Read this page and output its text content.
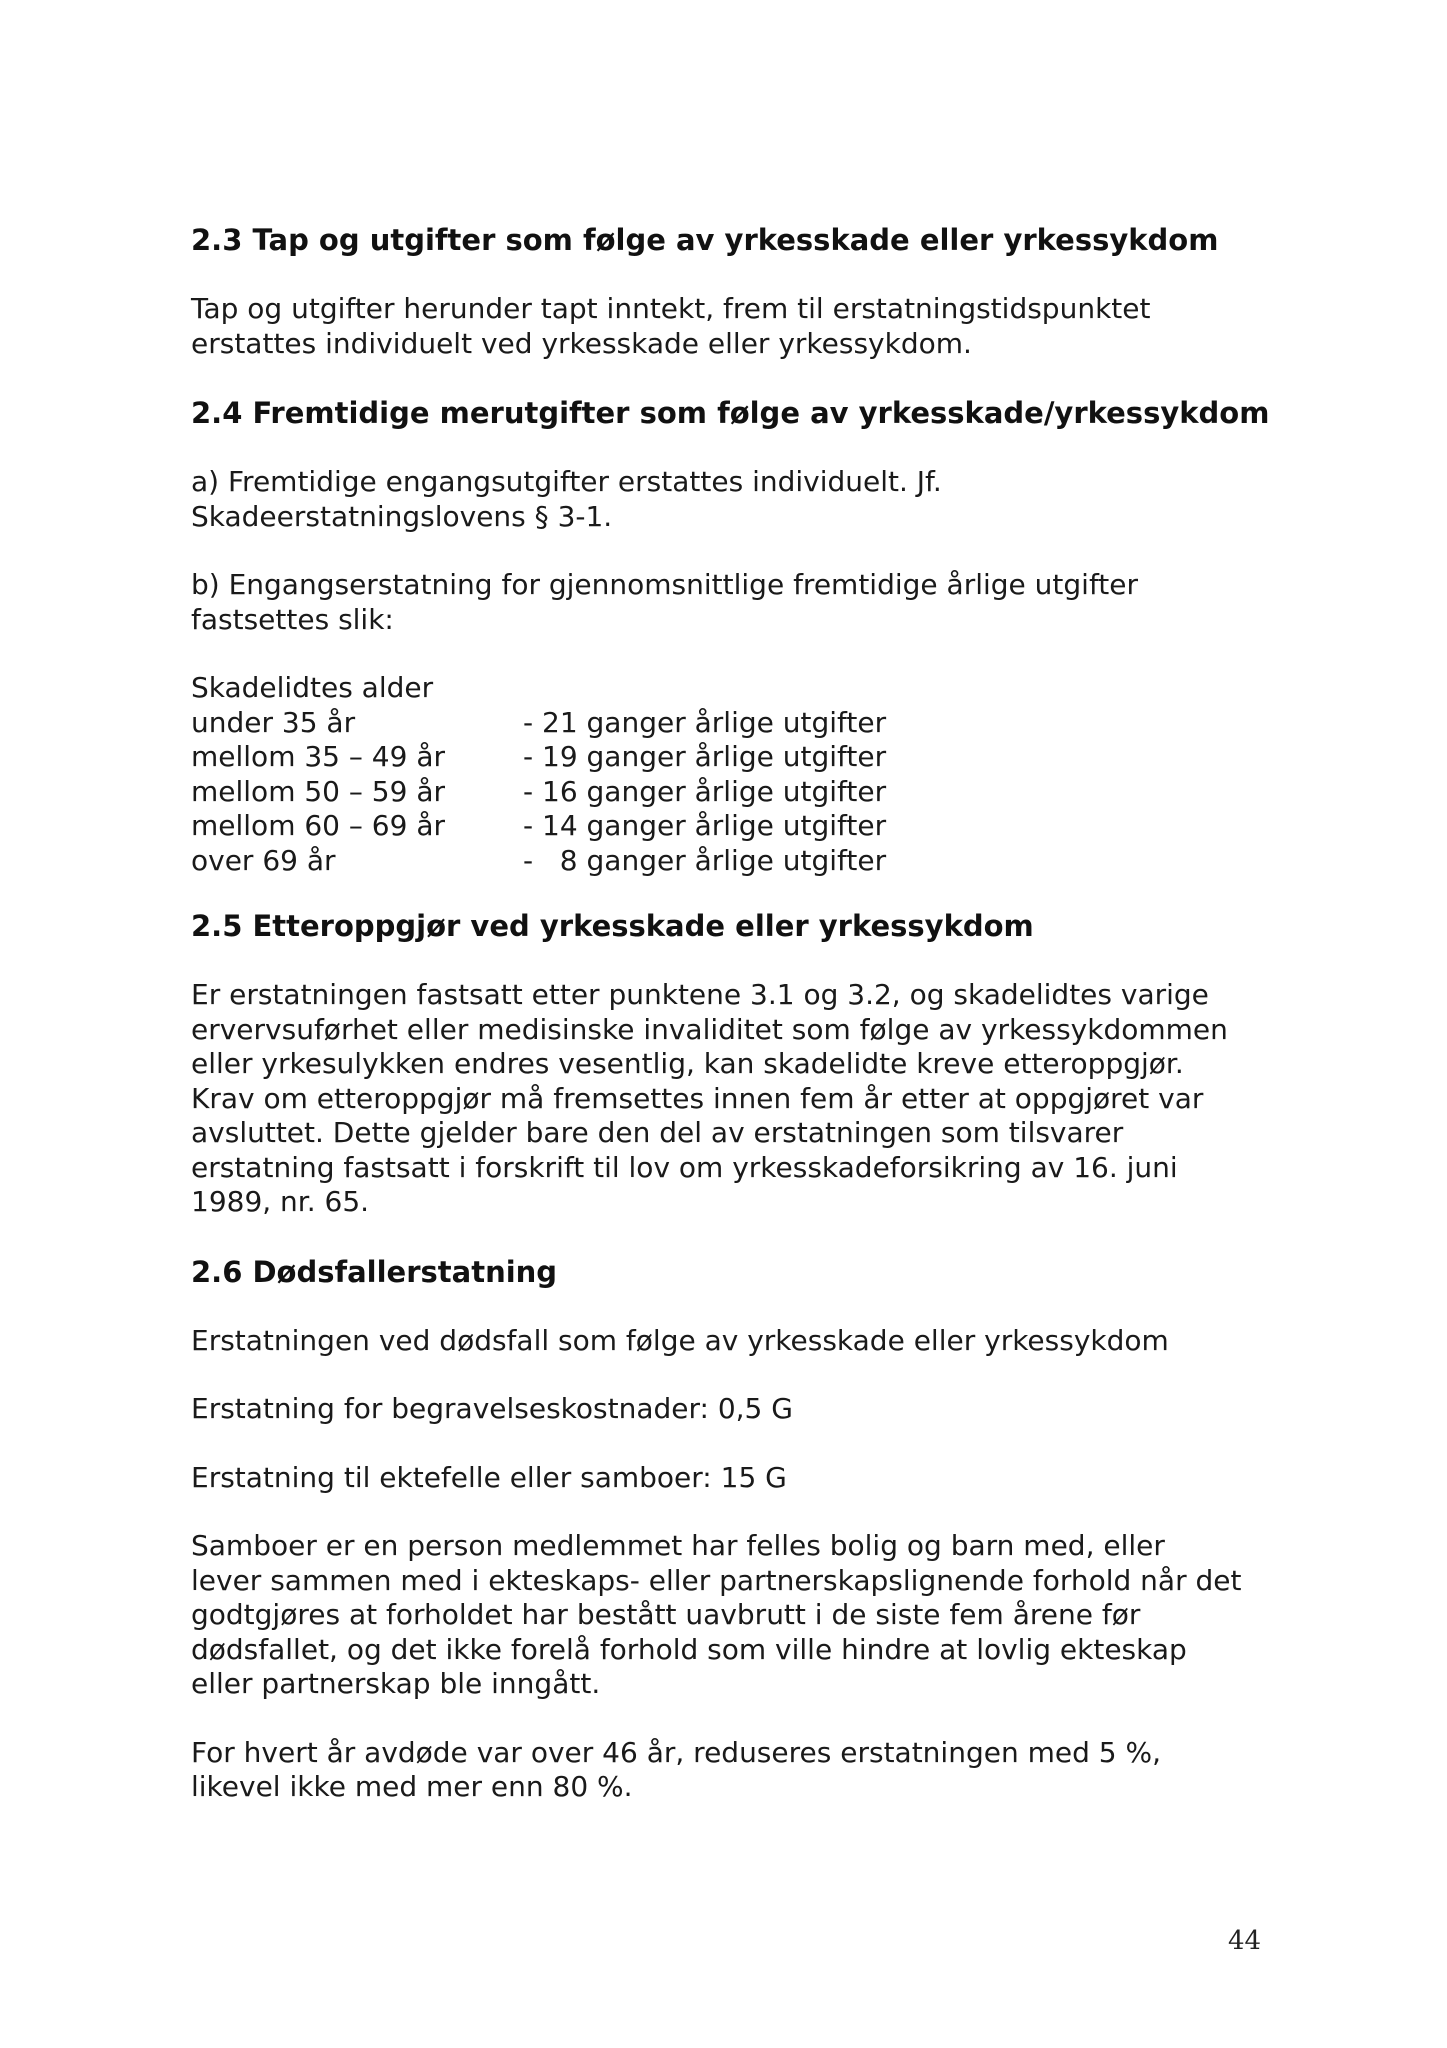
2.3 Tap og utgifter som følge av yrkesskade eller yrkessykdom

Tap og utgifter herunder tapt inntekt, frem til erstatningstidspunktet
erstattes individuelt ved yrkesskade eller yrkessykdom.

2.4 Fremtidige merutgifter som følge av yrkesskade/yrkessykdom

a) Fremtidige engangsutgifter erstattes individuelt. Jf.
Skadeerstatningslovens § 3-1.

b) Engangserstatning for gjennomsnittlige fremtidige årlige utgifter
fastsettes slik:

Skadelidtes alder
under 35 år	- 21 ganger årlige utgifter
mellom 35 – 49 år	- 19 ganger årlige utgifter
mellom 50 – 59 år	- 16 ganger årlige utgifter
mellom 60 – 69 år	- 14 ganger årlige utgifter
over 69 år	-   8 ganger årlige utgifter
2.5 Etteroppgjør ved yrkesskade eller yrkessykdom

Er erstatningen fastsatt etter punktene 3.1 og 3.2, og skadelidtes varige
ervervsuførhet eller medisinske invaliditet som følge av yrkessykdommen
eller yrkesulykken endres vesentlig, kan skadelidte kreve etteroppgjør.
Krav om etteroppgjør må fremsettes innen fem år etter at oppgjøret var
avsluttet. Dette gjelder bare den del av erstatningen som tilsvarer
erstatning fastsatt i forskrift til lov om yrkesskadeforsikring av 16. juni
1989, nr. 65.

2.6 Dødsfallerstatning

Erstatningen ved dødsfall som følge av yrkesskade eller yrkessykdom

Erstatning for begravelseskostnader: 0,5 G

Erstatning til ektefelle eller samboer: 15 G

Samboer er en person medlemmet har felles bolig og barn med, eller
lever sammen med i ekteskaps- eller partnerskapslignende forhold når det
godtgjøres at forholdet har bestått uavbrutt i de siste fem årene før
dødsfallet, og det ikke forelå forhold som ville hindre at lovlig ekteskap
eller partnerskap ble inngått.

For hvert år avdøde var over 46 år, reduseres erstatningen med 5 %,
likevel ikke med mer enn 80 %.

44
